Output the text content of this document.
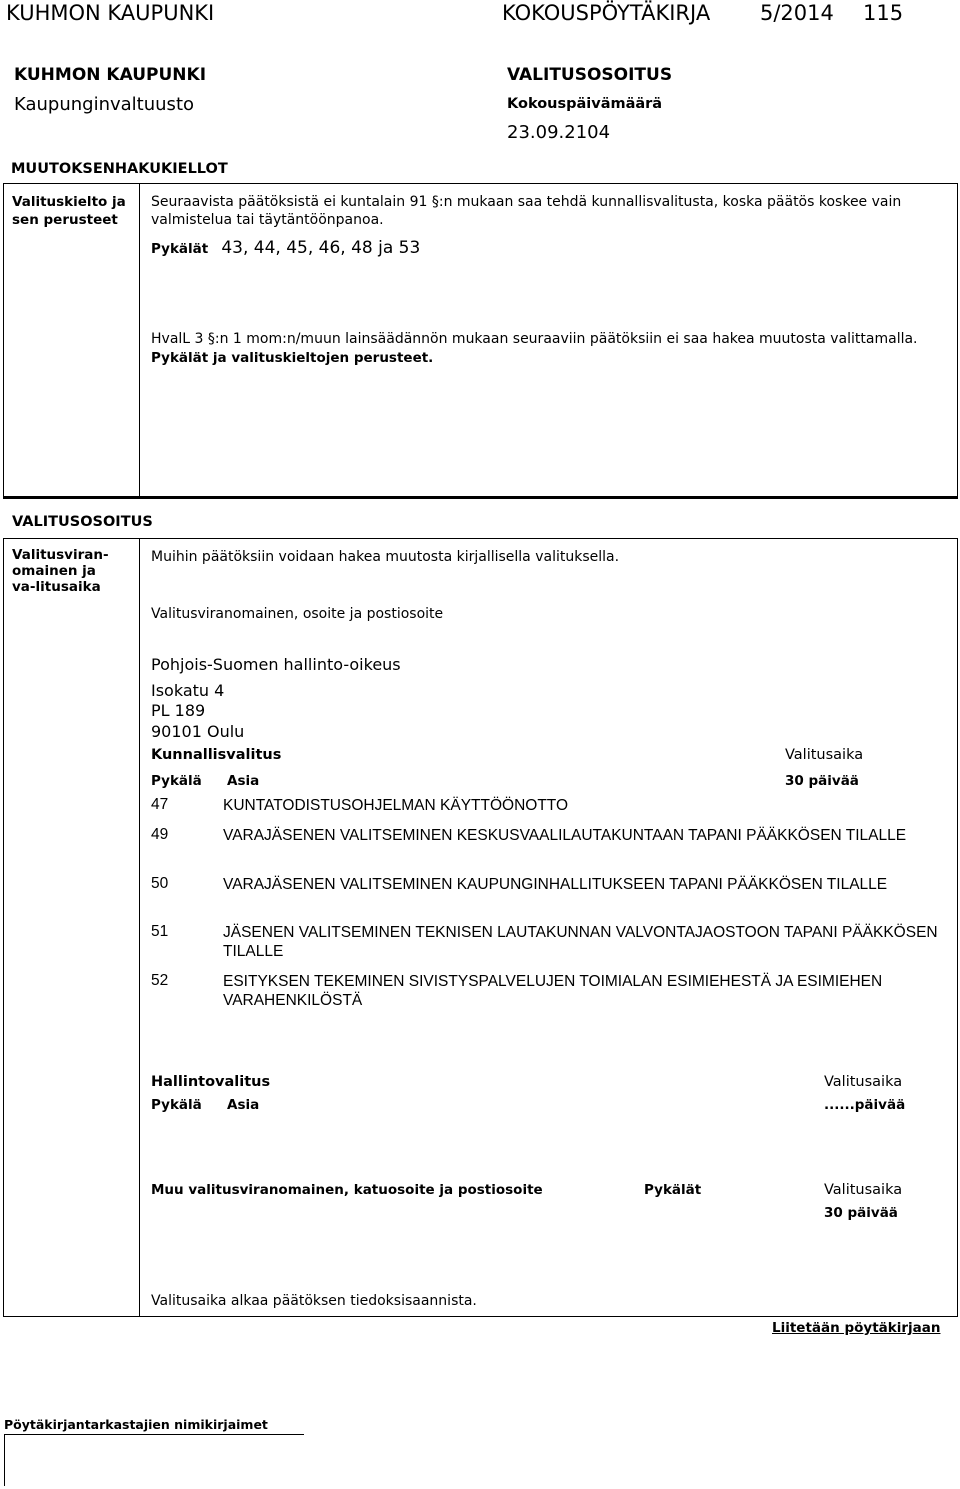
KUHMON KAUPUNKI	KOKOUSPÖYTÄKIRJA 5/2014 115
KUHMON KAUPUNKI
Kaupunginvaltuusto
VALITUSOSOITUS
Kokouspäivämäärä
23.09.2104
MUUTOKSENHAKUKIELLOT
Valituskielto ja sen perusteet
Seuraavista päätöksistä ei kuntalain 91 §:n mukaan saa tehdä kunnallisvalitusta, koska päätös koskee vain valmistelua tai täytäntöönpanoa.
Pykälät 43, 44, 45, 46, 48 ja 53
HvalL 3 §:n 1 mom:n/muun lainsäädännön mukaan seuraaviin päätöksiin ei saa hakea muutosta valittamalla.
Pykälät ja valituskieltojen perusteet.
VALITUSOSOITUS
Valitusviran-omainen ja va-litusaika
Muihin päätöksiin voidaan hakea muutosta kirjallisella valituksella.
Valitusviranomainen, osoite ja postiosoite
Pohjois-Suomen hallinto-oikeus
Isokatu 4
PL 189
90101 Oulu
Kunnallisvalitus	Valitusaika
Pykälä Asia	30 päivää
47	KUNTATODISTUSOHJELMAN KÄYTTÖÖNOTTO
49	VARAJÄSENEN VALITSEMINEN KESKUSVAALILAUTAKUNTAAN TAPANI PÄÄKKÖSEN TILALLE
50	VARAJÄSENEN VALITSEMINEN KAUPUNGINHALLITUKSEEN TAPANI PÄÄKKÖSEN TILALLE
51	JÄSENEN VALITSEMINEN TEKNISEN LAUTAKUNNAN VALVONTAJAOSTOON TAPANI PÄÄKKÖSEN TILALLE
52	ESITYKSEN TEKEMINEN SIVISTYSPALVELUJEN TOIMIALAN ESIMIEHESTÄ JA ESIMIEHEN VARAHENKILÖSTÄ
Hallintovalitus	Valitusaika
Pykälä Asia	......päivää
Muu valitusviranomainen, katuosoite ja postiosoite	Pykälät	Valitusaika
30 päivää
Valitusaika alkaa päätöksen tiedoksisaannista.
Liitetään pöytäkirjaan
Pöytäkirjantarkastajien nimikirjaimet
